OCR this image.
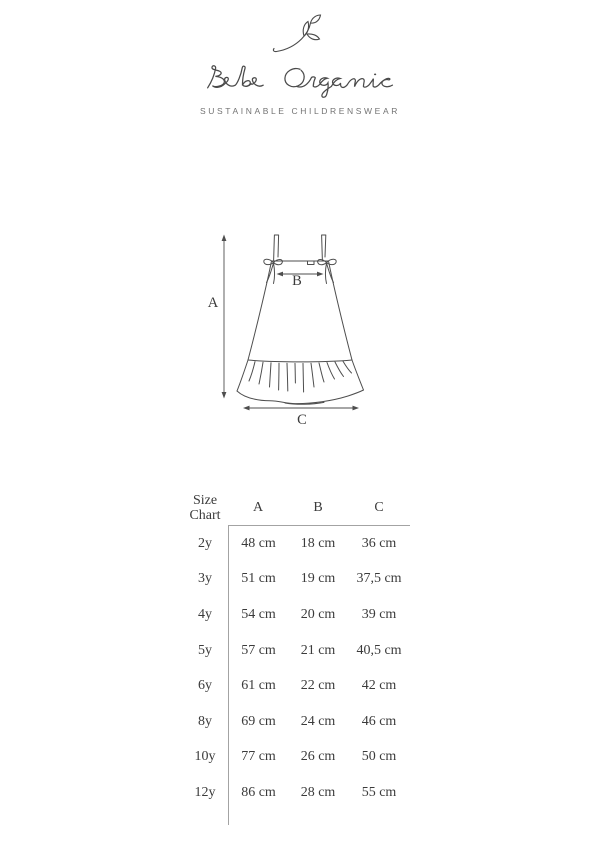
SUSTAINABLE CHILDRENSWEAR
A
B
C
Size Chart
A	B	C
2y	48 cm	18 cm	36 cm
3y	51 cm	19 cm	37,5 cm
4y	54 cm	20 cm	39 cm
5y	57 cm	21 cm	40,5 cm
6y	61 cm	22 cm	42 cm
8y	69 cm	24 cm	46 cm
10y	77 cm	26 cm	50 cm
12y	86 cm	28 cm	55 cm
